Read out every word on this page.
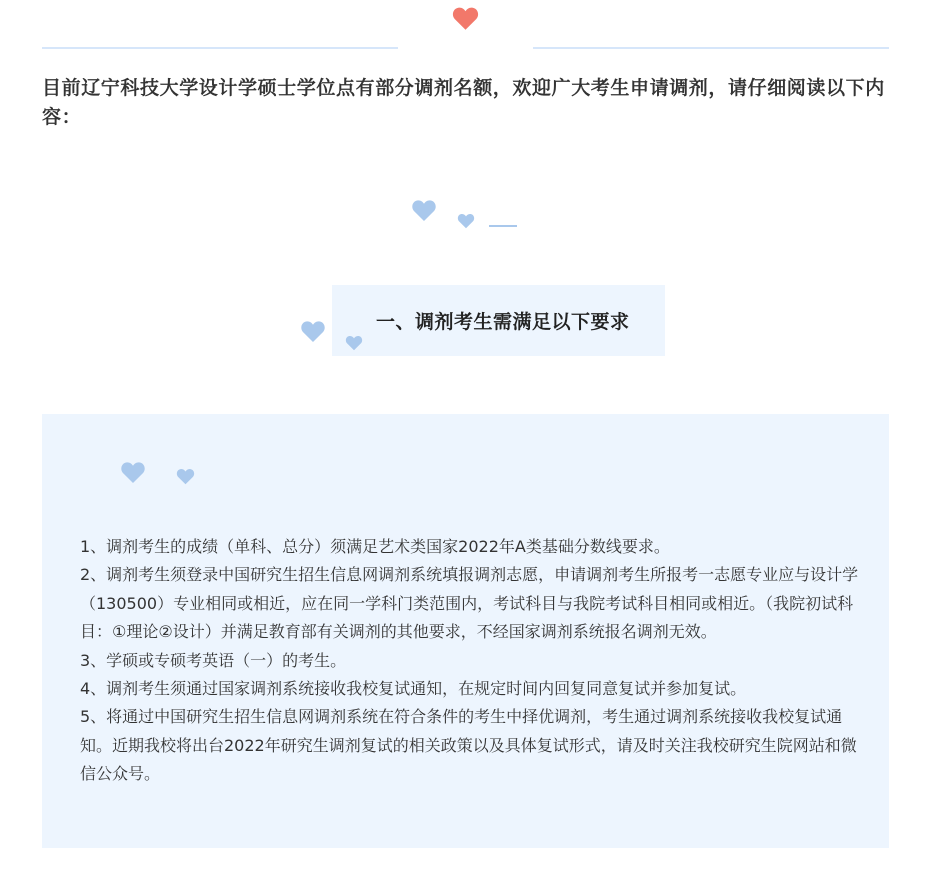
目前辽宁科技大学设计学硕士学位点有部分调剂名额，欢迎广大考生申请调剂，请仔细阅读以下内容：

一、调剂考生需满足以下要求
1、调剂考生的成绩（单科、总分）须满足艺术类国家2022年A类基础分数线要求。
2、调剂考生须登录中国研究生招生信息网调剂系统填报调剂志愿，申请调剂考生所报考一志愿专业应与设计学（130500）专业相同或相近，应在同一学科门类范围内，考试科目与我院考试科目相同或相近。（我院初试科目：①理论②设计）并满足教育部有关调剂的其他要求，不经国家调剂系统报名调剂无效。
3、学硕或专硕考英语（一）的考生。
4、调剂考生须通过国家调剂系统接收我校复试通知，在规定时间内回复同意复试并参加复试。
5、将通过中国研究生招生信息网调剂系统在符合条件的考生中择优调剂，考生通过调剂系统接收我校复试通知。近期我校将出台2022年研究生调剂复试的相关政策以及具体复试形式，请及时关注我校研究生院网站和微信公众号。
